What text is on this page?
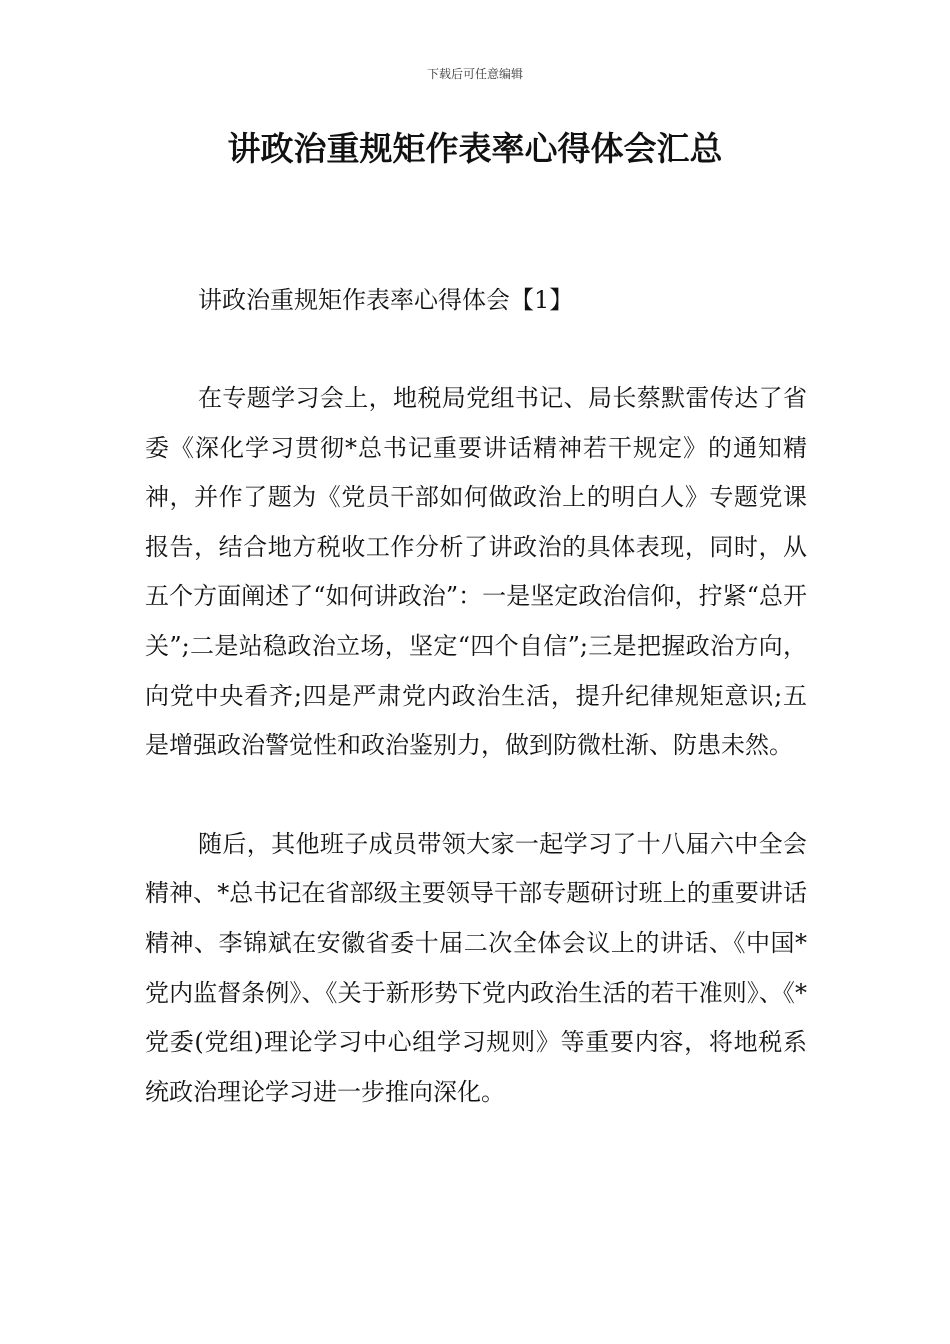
下载后可任意编辑
讲政治重规矩作表率心得体会汇总

讲政治重规矩作表率心得体会【1】

在专题学习会上，地税局党组书记、局长蔡默雷传达了省委《深化学习贯彻*总书记重要讲话精神若干规定》的通知精神，并作了题为《党员干部如何做政治上的明白人》专题党课报告，结合地方税收工作分析了讲政治的具体表现，同时，从五个方面阐述了“如何讲政治”：一是坚定政治信仰，拧紧“总开关”;二是站稳政治立场，坚定“四个自信”;三是把握政治方向，向党中央看齐;四是严肃党内政治生活，提升纪律规矩意识;五是增强政治警觉性和政治鉴别力，做到防微杜渐、防患未然。

随后，其他班子成员带领大家一起学习了十八届六中全会精神、*总书记在省部级主要领导干部专题研讨班上的重要讲话精神、李锦斌在安徽省委十届二次全体会议上的讲话、《中国*党内监督条例》、《关于新形势下党内政治生活的若干准则》、《*党委(党组)理论学习中心组学习规则》等重要内容，将地税系统政治理论学习进一步推向深化。
